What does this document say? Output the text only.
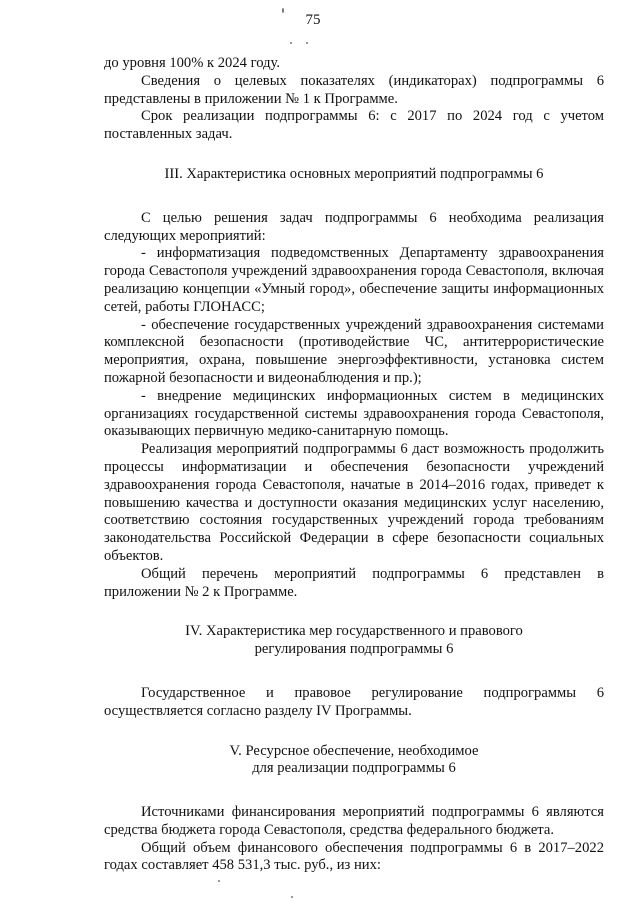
75

до уровня 100% к 2024 году.

Сведения о целевых показателях (индикаторах) подпрограммы 6 представлены в приложении № 1 к Программе.

Срок реализации подпрограммы 6: с 2017 по 2024 год с учетом поставленных задач.

III. Характеристика основных мероприятий подпрограммы 6

С целью решения задач подпрограммы 6 необходима реализация следующих мероприятий:

- информатизация подведомственных Департаменту здравоохранения города Севастополя учреждений здравоохранения города Севастополя, включая реализацию концепции «Умный город», обеспечение защиты информационных сетей, работы ГЛОНАСС;

- обеспечение государственных учреждений здравоохранения системами комплексной безопасности (противодействие ЧС, антитеррористические мероприятия, охрана, повышение энергоэффективности, установка систем пожарной безопасности и видеонаблюдения и пр.);

- внедрение медицинских информационных систем в медицинских организациях государственной системы здравоохранения города Севастополя, оказывающих первичную медико-санитарную помощь.

Реализация мероприятий подпрограммы 6 даст возможность продолжить процессы информатизации и обеспечения безопасности учреждений здравоохранения города Севастополя, начатые в 2014–2016 годах, приведет к повышению качества и доступности оказания медицинских услуг населению, соответствию состояния государственных учреждений города требованиям законодательства Российской Федерации в сфере безопасности социальных объектов.

Общий перечень мероприятий подпрограммы 6 представлен в приложении № 2 к Программе.

IV. Характеристика мер государственного и правового

регулирования подпрограммы 6

Государственное и правовое регулирование подпрограммы 6 осуществляется согласно разделу IV Программы.

V. Ресурсное обеспечение, необходимое

для реализации подпрограммы 6

Источниками финансирования мероприятий подпрограммы 6 являются средства бюджета города Севастополя, средства федерального бюджета.

Общий объем финансового обеспечения подпрограммы 6 в 2017–2022 годах составляет 458 531,3 тыс. руб., из них:
